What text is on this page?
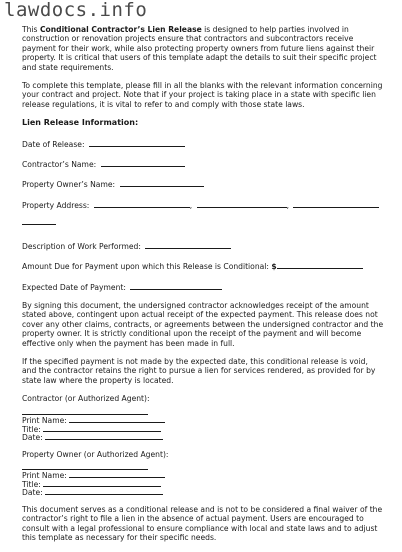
lawdocs.info

This Conditional Contractor’s Lien Release is designed to help parties involved in construction or renovation projects ensure that contractors and subcontractors receive payment for their work, while also protecting property owners from future liens against their property. It is critical that users of this template adapt the details to suit their specific project and state requirements.

To complete this template, please fill in all the blanks with the relevant information concerning your contract and project. Note that if your project is taking place in a state with specific lien release regulations, it is vital to refer to and comply with those state laws.

Lien Release Information:

Date of Release:
Contractor’s Name:
Property Owner’s Name:
Property Address:	,	,
Description of Work Performed:
Amount Due for Payment upon which this Release is Conditional: $
Expected Date of Payment:

By signing this document, the undersigned contractor acknowledges receipt of the amount stated above, contingent upon actual receipt of the expected payment. This release does not cover any other claims, contracts, or agreements between the undersigned contractor and the property owner. It is strictly conditional upon the receipt of the payment and will become effective only when the payment has been made in full.

If the specified payment is not made by the expected date, this conditional release is void, and the contractor retains the right to pursue a lien for services rendered, as provided for by state law where the property is located.

Contractor (or Authorized Agent):

Print Name:
Title:
Date:

Property Owner (or Authorized Agent):

Print Name:
Title:
Date:

This document serves as a conditional release and is not to be considered a final waiver of the contractor’s right to file a lien in the absence of actual payment. Users are encouraged to consult with a legal professional to ensure compliance with local and state laws and to adjust this template as necessary for their specific needs.
